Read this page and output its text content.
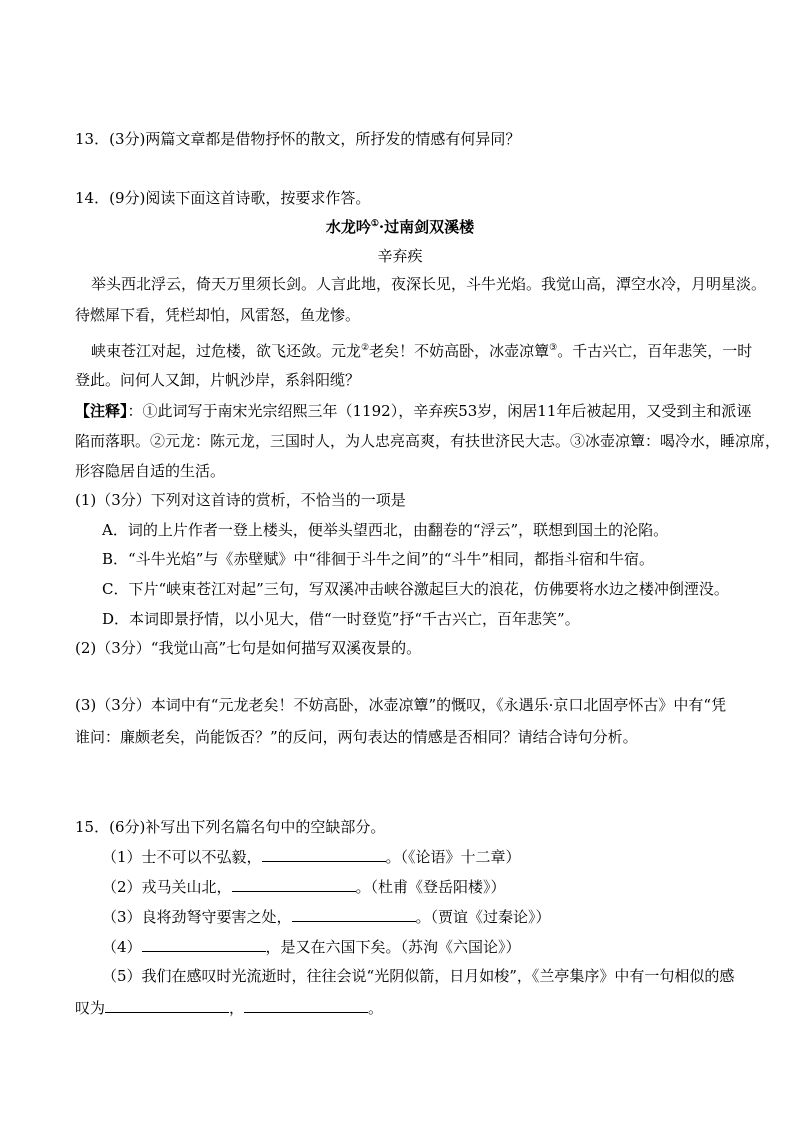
13．(3分)两篇文章都是借物抒怀的散文，所抒发的情感有何异同？
14．(9分)阅读下面这首诗歌，按要求作答。
水龙吟①·过南剑双溪楼
辛弃疾
举头西北浮云，倚天万里须长剑。人言此地，夜深长见，斗牛光焰。我觉山高，潭空水冷，月明星淡。
待燃犀下看，凭栏却怕，风雷怒，鱼龙惨。
峡束苍江对起，过危楼，欲飞还敛。元龙②老矣！不妨高卧，冰壶凉簟③。千古兴亡，百年悲笑，一时
登此。问何人又卸，片帆沙岸，系斜阳缆？
【注释】：①此词写于南宋光宗绍熙三年（1192），辛弃疾53岁，闲居11年后被起用，又受到主和派诬
陷而落职。②元龙：陈元龙，三国时人，为人忠亮高爽，有扶世济民大志。③冰壶凉簟：喝冷水，睡凉席，
形容隐居自适的生活。
(1)（3分）下列对这首诗的赏析，不恰当的一项是
A．词的上片作者一登上楼头，便举头望西北，由翻卷的“浮云”，联想到国土的沦陷。
B．“斗牛光焰”与《赤壁赋》中“徘徊于斗牛之间”的“斗牛”相同，都指斗宿和牛宿。
C．下片“峡束苍江对起”三句，写双溪冲击峡谷激起巨大的浪花，仿佛要将水边之楼冲倒湮没。
D．本词即景抒情，以小见大，借“一时登览”抒“千古兴亡，百年悲笑”。
(2)（3分）“我觉山高”七句是如何描写双溪夜景的。
(3)（3分）本词中有“元龙老矣！不妨高卧，冰壶凉簟”的慨叹，《永遇乐·京口北固亭怀古》中有“凭
谁问：廉颇老矣，尚能饭否？”的反问，两句表达的情感是否相同？请结合诗句分析。
15．(6分)补写出下列名篇名句中的空缺部分。
（1）士不可以不弘毅，	。（《论语》十二章）
（2）戎马关山北，	。（杜甫《登岳阳楼》）
（3）良将劲弩守要害之处，	。（贾谊《过秦论》）
（4）	，是又在六国下矣。（苏洵《六国论》）
（5）我们在感叹时光流逝时，往往会说“光阴似箭，日月如梭”，《兰亭集序》中有一句相似的感
叹为	，	。
